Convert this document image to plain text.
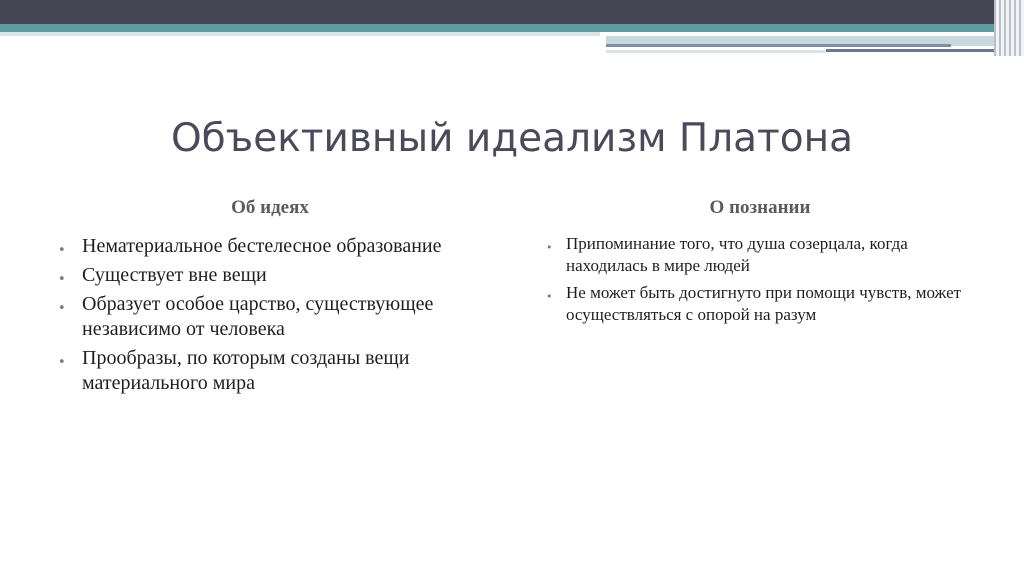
Объективный идеализм Платона
Об идеях	О познании
• Нематериальное бестелесное образование
• Существует вне вещи
• Образует особое царство, существующее независимо от человека
• Прообразы, по которым созданы вещи материального мира
• Припоминание того, что душа созерцала, когда находилась в мире людей
• Не может быть достигнуто при помощи чувств, может осуществляться с опорой на разум
